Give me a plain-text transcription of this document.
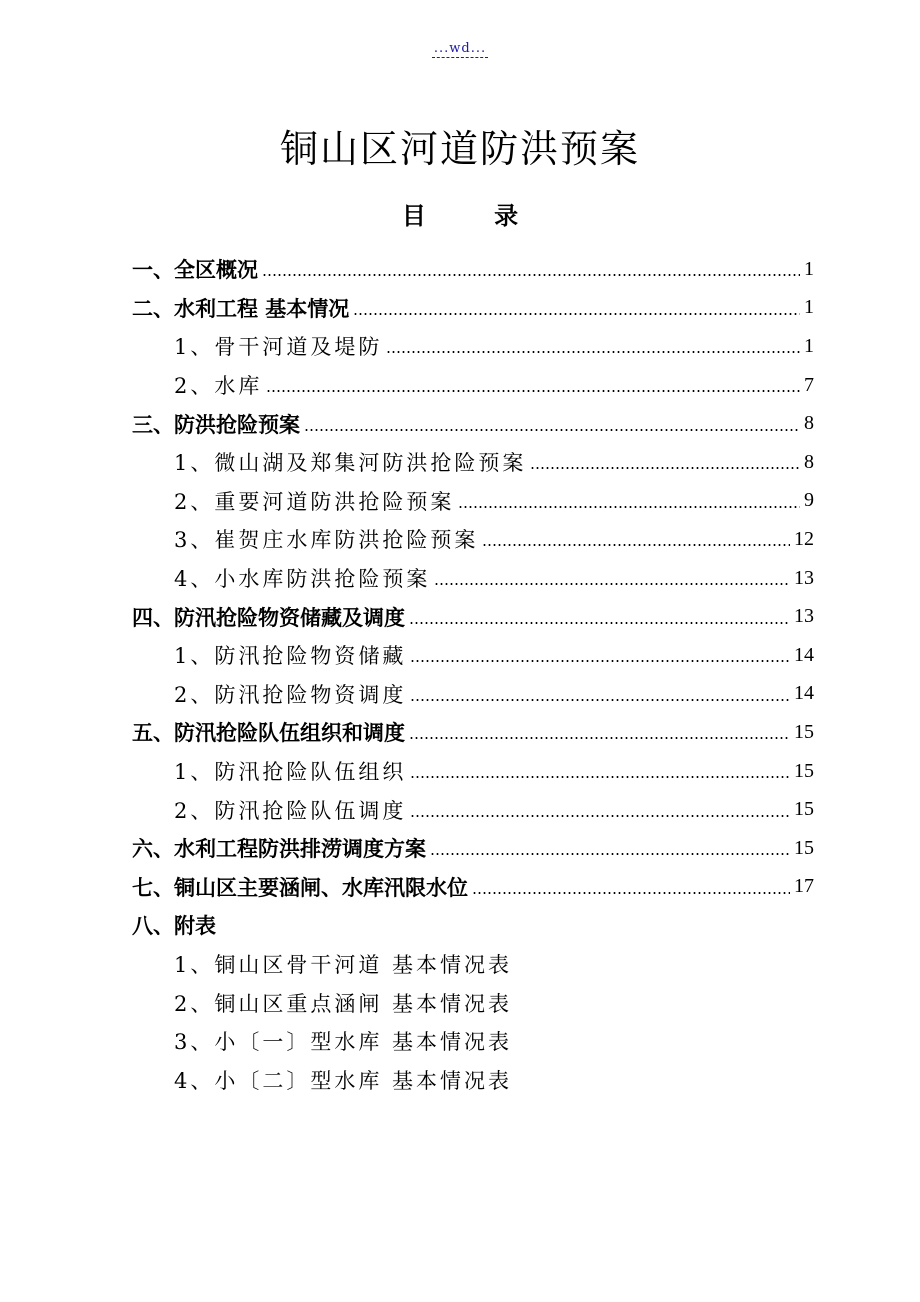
...wd...
铜山区河道防洪预案
目 录
一、全区概况	1
二、水利工程 基本情况	1
1、骨干河道及堤防	1
2、水库	7
三、防洪抢险预案	8
1、微山湖及郑集河防洪抢险预案	8
2、重要河道防洪抢险预案	9
3、崔贺庄水库防洪抢险预案	12
4、小水库防洪抢险预案	13
四、防汛抢险物资储藏及调度	13
1、防汛抢险物资储藏	14
2、防汛抢险物资调度	14
五、防汛抢险队伍组织和调度	15
1、防汛抢险队伍组织	15
2、防汛抢险队伍调度	15
六、水利工程防洪排涝调度方案	15
七、铜山区主要涵闸、水库汛限水位	17
八、附表
1、铜山区骨干河道 基本情况表
2、铜山区重点涵闸 基本情况表
3、小〔一〕型水库 基本情况表
4、小〔二〕型水库 基本情况表
